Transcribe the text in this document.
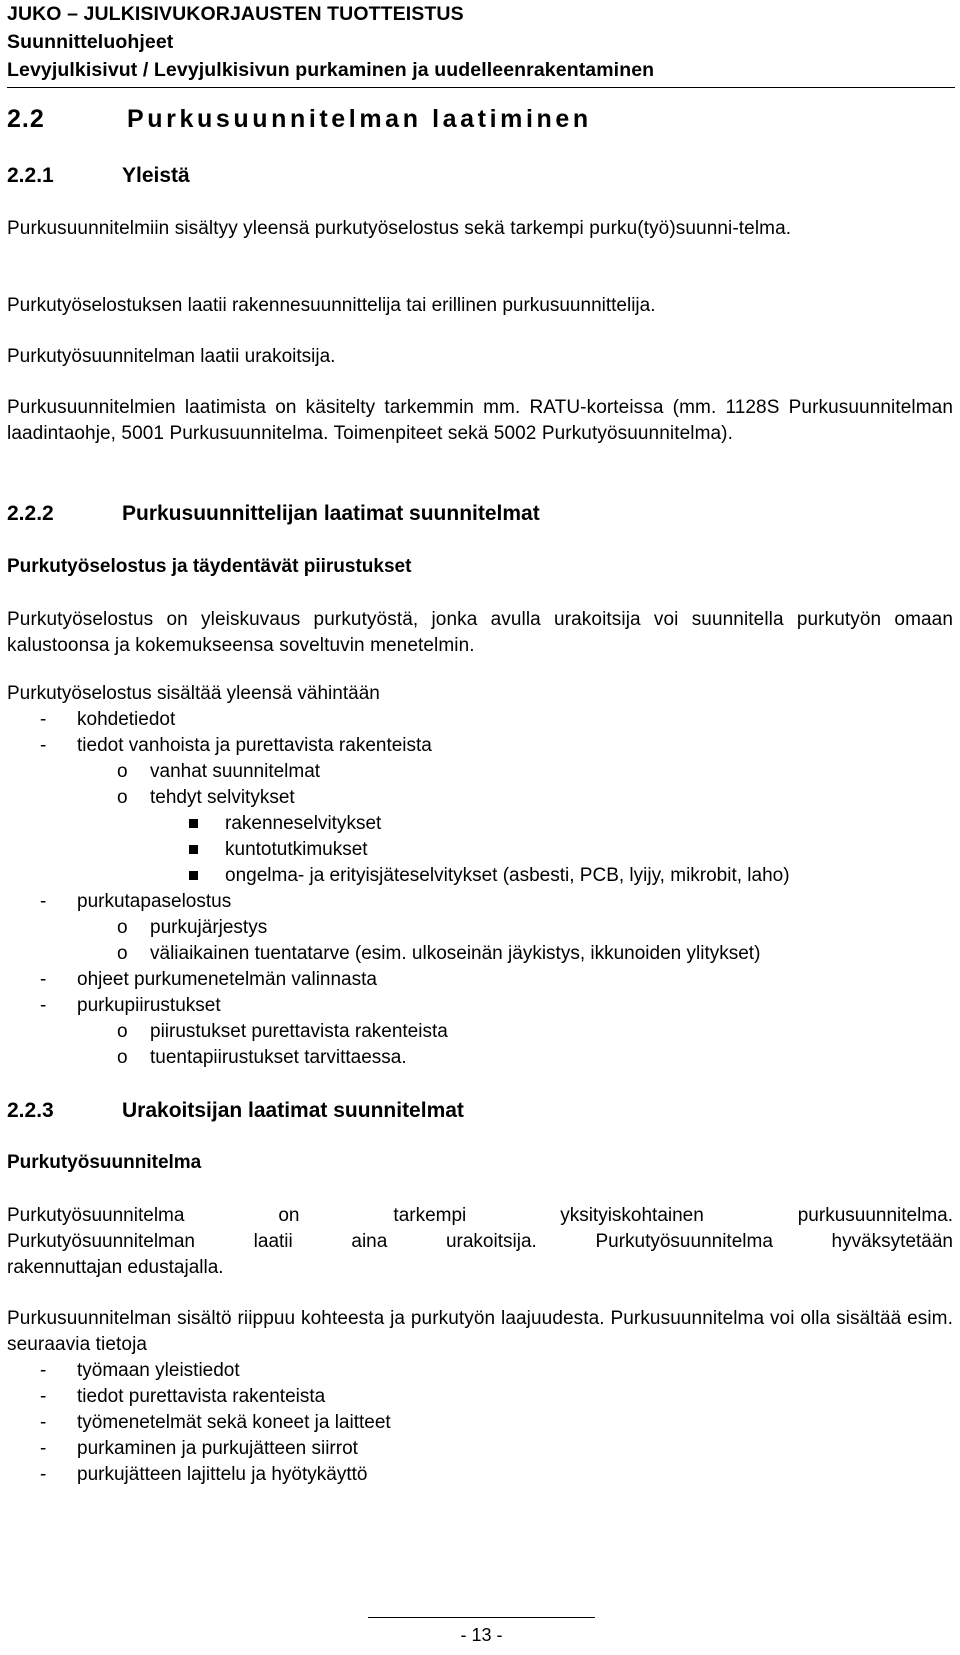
JUKO – JULKISIVUKORJAUSTEN TUOTTEISTUS
Suunnitteluohjeet
Levyjulkisivut / Levyjulkisivun purkaminen ja uudelleenrakentaminen
2.2	Purkusuunnitelman laatiminen
2.2.1	Yleistä

Purkusuunnitelmiin sisältyy yleensä purkutyöselostus sekä tarkempi purku(työ)suunni-telma.

Purkutyöselostuksen laatii rakennesuunnittelija tai erillinen purkusuunnittelija.

Purkutyösuunnitelman laatii urakoitsija.

Purkusuunnitelmien laatimista on käsitelty tarkemmin mm. RATU-korteissa (mm. 1128S Purkusuunnitelman laadintaohje, 5001 Purkusuunnitelma. Toimenpiteet sekä 5002 Purkutyösuunnitelma).

2.2.2	Purkusuunnittelijan laatimat suunnitelmat
Purkutyöselostus ja täydentävät piirustukset

Purkutyöselostus on yleiskuvaus purkutyöstä, jonka avulla urakoitsija voi suunnitella purkutyön omaan kalustoonsa ja kokemukseensa soveltuvin menetelmin.

Purkutyöselostus sisältää yleensä vähintään
- kohdetiedot
- tiedot vanhoista ja purettavista rakenteista
o vanhat suunnitelmat
o tehdyt selvitykset
rakenneselvitykset
kuntotutkimukset
ongelma- ja erityisjäteselvitykset (asbesti, PCB, lyijy, mikrobit, laho)
- purkutapaselostus
o purkujärjestys
o väliaikainen tuentatarve (esim. ulkoseinän jäykistys, ikkunoiden ylitykset)
- ohjeet purkumenetelmän valinnasta
- purkupiirustukset
o piirustukset purettavista rakenteista
o tuentapiirustukset tarvittaessa.
2.2.3	Urakoitsijan laatimat suunnitelmat
Purkutyösuunnitelma

Purkutyösuunnitelma on tarkempi yksityiskohtainen purkusuunnitelma.

Purkutyösuunnitelman laatii aina urakoitsija. Purkutyösuunnitelma hyväksytetään

rakennuttajan edustajalla.

Purkusuunnitelman sisältö riippuu kohteesta ja purkutyön laajuudesta. Purkusuunnitelma voi olla sisältää esim. seuraavia tietoja

- työmaan yleistiedot
- tiedot purettavista rakenteista
- työmenetelmät sekä koneet ja laitteet
- purkaminen ja purkujätteen siirrot
- purkujätteen lajittelu ja hyötykäyttö
- 13 -
